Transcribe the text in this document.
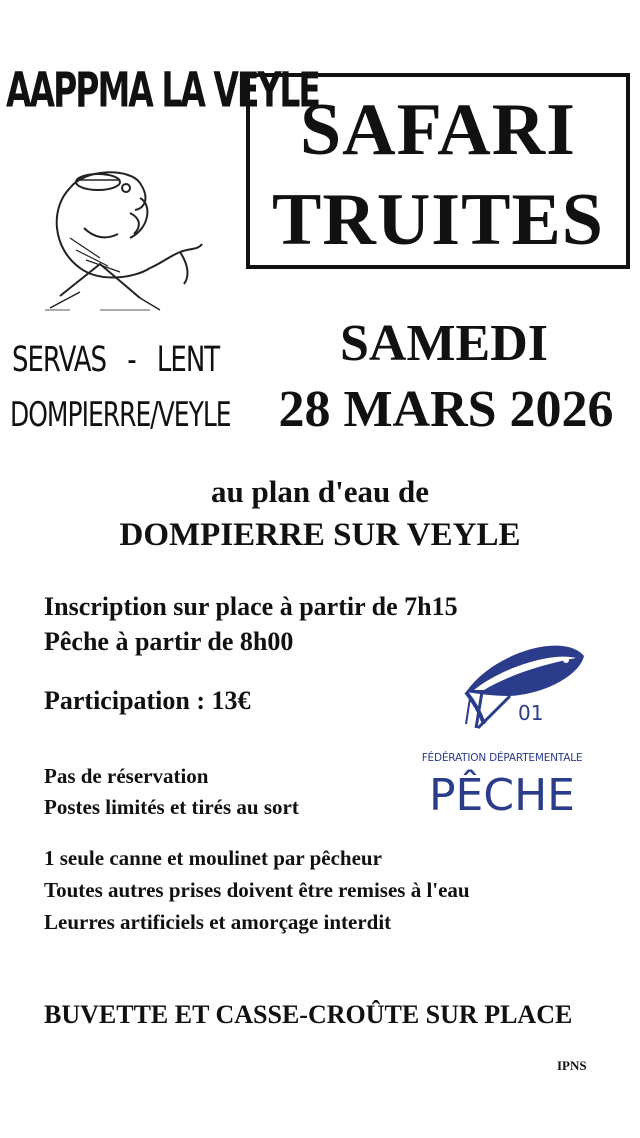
AAPPMA LA VEYLE
SAFARI
TRUITES
SERVAS - LENT
DOMPIERRE/VEYLE
SAMEDI
28 MARS 2026
au plan d'eau de
DOMPIERRE SUR VEYLE
Inscription sur place à partir de 7h15
Pêche à partir de 8h00
Participation : 13€
Pas de réservation
Postes limités et tirés au sort
1 seule canne et moulinet par pêcheur
Toutes autres prises doivent être remises à l'eau
Leurres artificiels et amorçage interdit
BUVETTE ET CASSE-CROÛTE SUR PLACE
IPNS
01
FÉDÉRATION DÉPARTEMENTALE
PÊCHE
